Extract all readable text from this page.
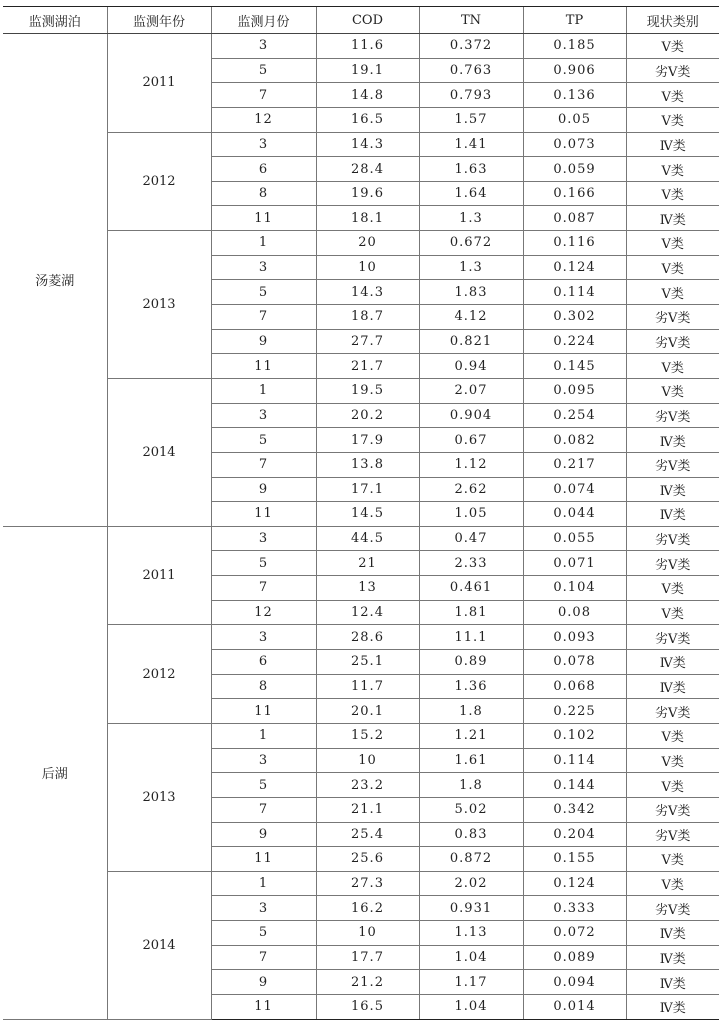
监测湖泊	监测年份	监测月份	COD	TN	TP	现状类别
汤菱湖	2011	3	11.6	0.372	0.185	Ⅴ类
		5	19.1	0.763	0.906	劣Ⅴ类
		7	14.8	0.793	0.136	Ⅴ类
		12	16.5	1.57	0.05	Ⅴ类
	2012	3	14.3	1.41	0.073	Ⅳ类
		6	28.4	1.63	0.059	Ⅴ类
		8	19.6	1.64	0.166	Ⅴ类
		11	18.1	1.3	0.087	Ⅳ类
	2013	1	20	0.672	0.116	Ⅴ类
		3	10	1.3	0.124	Ⅴ类
		5	14.3	1.83	0.114	Ⅴ类
		7	18.7	4.12	0.302	劣Ⅴ类
		9	27.7	0.821	0.224	劣Ⅴ类
		11	21.7	0.94	0.145	Ⅴ类
	2014	1	19.5	2.07	0.095	Ⅴ类
		3	20.2	0.904	0.254	劣Ⅴ类
		5	17.9	0.67	0.082	Ⅳ类
		7	13.8	1.12	0.217	劣Ⅴ类
		9	17.1	2.62	0.074	Ⅳ类
		11	14.5	1.05	0.044	Ⅳ类
后湖	2011	3	44.5	0.47	0.055	劣Ⅴ类
		5	21	2.33	0.071	劣Ⅴ类
		7	13	0.461	0.104	Ⅴ类
		12	12.4	1.81	0.08	Ⅴ类
	2012	3	28.6	11.1	0.093	劣Ⅴ类
		6	25.1	0.89	0.078	Ⅳ类
		8	11.7	1.36	0.068	Ⅳ类
		11	20.1	1.8	0.225	劣Ⅴ类
	2013	1	15.2	1.21	0.102	Ⅴ类
		3	10	1.61	0.114	Ⅴ类
		5	23.2	1.8	0.144	Ⅴ类
		7	21.1	5.02	0.342	劣Ⅴ类
		9	25.4	0.83	0.204	劣Ⅴ类
		11	25.6	0.872	0.155	Ⅴ类
	2014	1	27.3	2.02	0.124	Ⅴ类
		3	16.2	0.931	0.333	劣Ⅴ类
		5	10	1.13	0.072	Ⅳ类
		7	17.7	1.04	0.089	Ⅳ类
		9	21.2	1.17	0.094	Ⅳ类
		11	16.5	1.04	0.014	Ⅳ类
